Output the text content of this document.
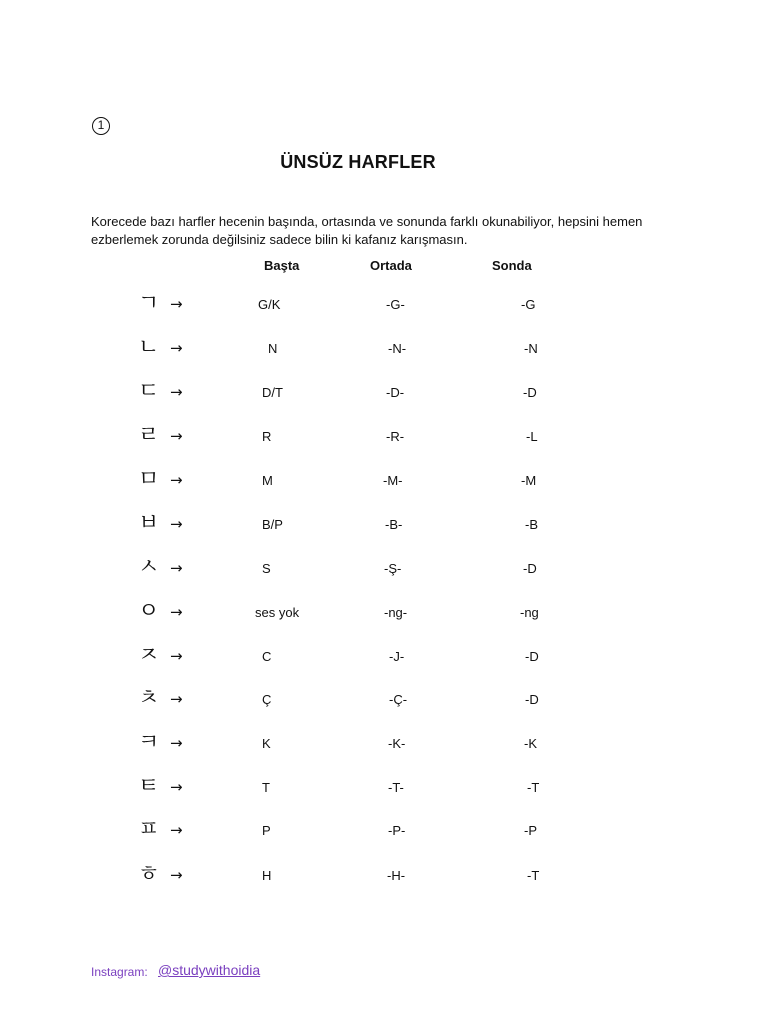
1
ÜNSÜZ HARFLER
Korecede bazı harfler hecenin başında, ortasında ve sonunda farklı okunabiliyor, hepsini hemen
ezberlemek zorunda değilsiniz sadece bilin ki kafanız karışmasın.
Başta	Ortada	Sonda
ㄱ →	G/K	-G-	-G
ㄴ →	N	-N-	-N
ㄷ →	D/T	-D-	-D
ㄹ →	R	-R-	-L
ㅁ →	M	-M-	-M
ㅂ →	B/P	-B-	-B
ㅅ →	S	-Ş-	-D
ㅇ →	ses yok	-ng-	-ng
ㅈ →	C	-J-	-D
ㅊ →	Ç	-Ç-	-D
ㅋ →	K	-K-	-K
ㅌ →	T	-T-	-T
ㅍ →	P	-P-	-P
ㅎ →	H	-H-	-T
Instagram: @studywithoidia
